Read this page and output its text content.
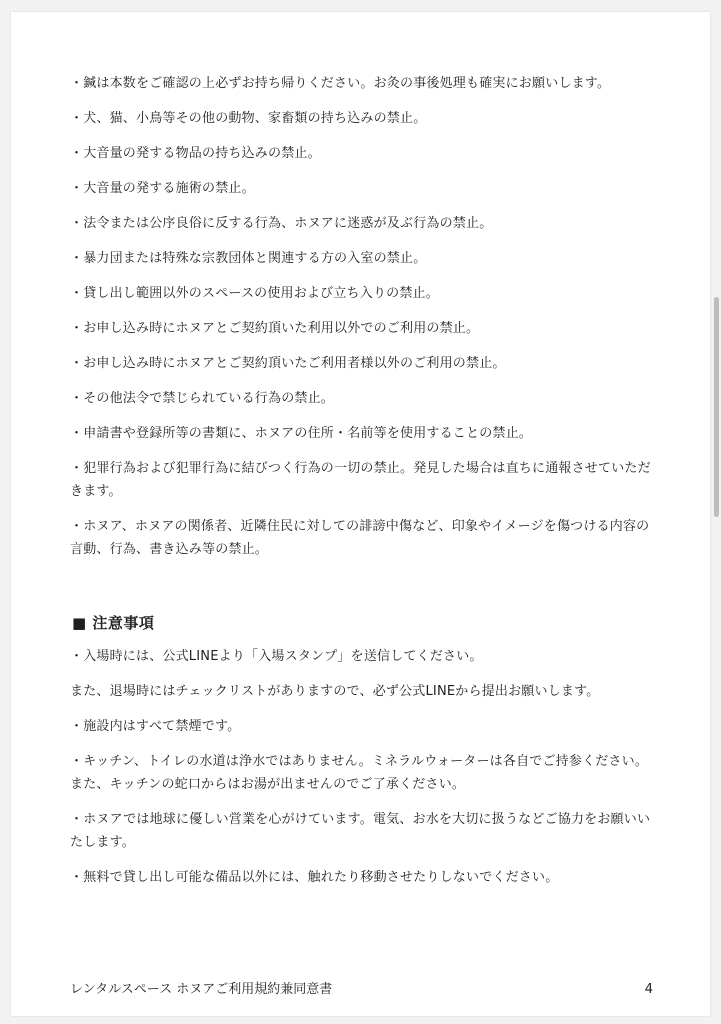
・鍼は本数をご確認の上必ずお持ち帰りください。お灸の事後処理も確実にお願いします。

・犬、猫、小鳥等その他の動物、家畜類の持ち込みの禁止。

・大音量の発する物品の持ち込みの禁止。

・大音量の発する施術の禁止。

・法令または公序良俗に反する行為、ホヌアに迷惑が及ぶ行為の禁止。

・暴力団または特殊な宗教団体と関連する方の入室の禁止。

・貸し出し範囲以外のスペースの使用および立ち入りの禁止。

・お申し込み時にホヌアとご契約頂いた利用以外でのご利用の禁止。

・お申し込み時にホヌアとご契約頂いたご利用者様以外のご利用の禁止。

・その他法令で禁じられている行為の禁止。

・申請書や登録所等の書類に、ホヌアの住所・名前等を使用することの禁止。

・犯罪行為および犯罪行為に結びつく行為の一切の禁止。発見した場合は直ちに通報させていただきます。

・ホヌア、ホヌアの関係者、近隣住民に対しての誹謗中傷など、印象やイメージを傷つける内容の言動、行為、書き込み等の禁止。

■ 注意事項

・入場時には、公式LINEより「入場スタンプ」を送信してください。

また、退場時にはチェックリストがありますので、必ず公式LINEから提出お願いします。

・施設内はすべて禁煙です。

・キッチン、トイレの水道は浄水ではありません。ミネラルウォーターは各自でご持参ください。また、キッチンの蛇口からはお湯が出ませんのでご了承ください。

・ホヌアでは地球に優しい営業を心がけています。電気、お水を大切に扱うなどご協力をお願いいたします。

・無料で貸し出し可能な備品以外には、触れたり移動させたりしないでください。

レンタルスペース ホヌアご利用規約兼同意書	4
